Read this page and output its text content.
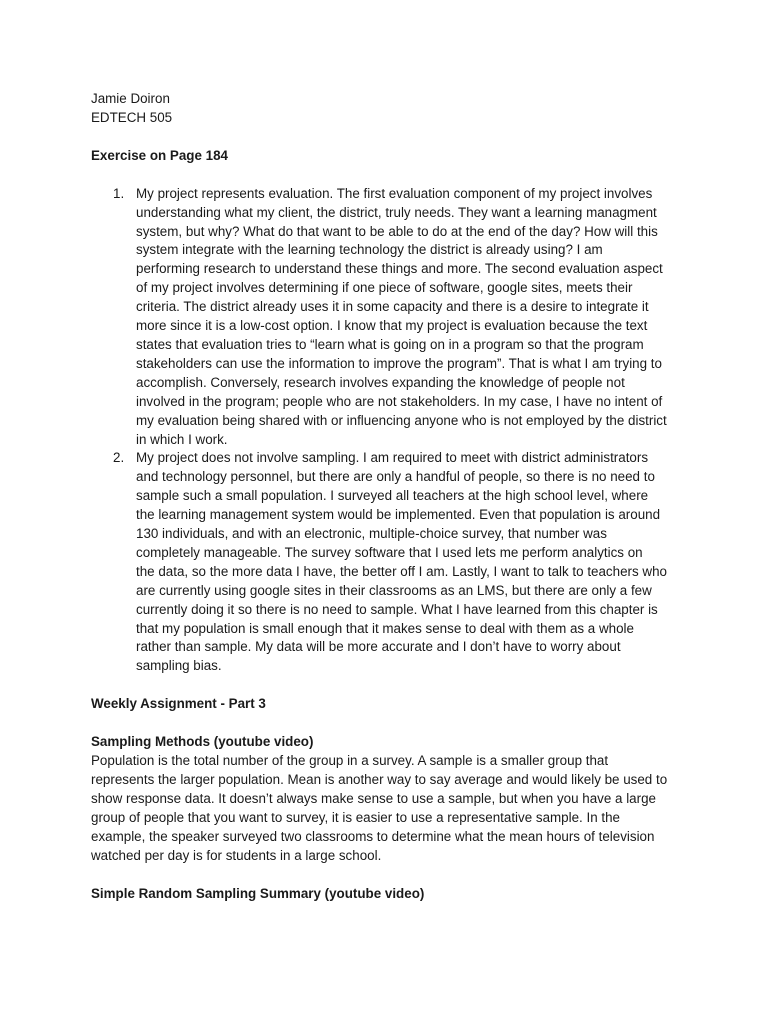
Jamie Doiron

EDTECH 505

Exercise on Page 184

1. My project represents evaluation. The first evaluation component of my project involves

understanding what my client, the district, truly needs. They want a learning managment

system, but why? What do that want to be able to do at the end of the day? How will this

system integrate with the learning technology the district is already using? I am

performing research to understand these things and more. The second evaluation aspect

of my project involves determining if one piece of software, google sites, meets their

criteria. The district already uses it in some capacity and there is a desire to integrate it

more since it is a low-cost option. I know that my project is evaluation because the text

states that evaluation tries to “learn what is going on in a program so that the program

stakeholders can use the information to improve the program”. That is what I am trying to

accomplish. Conversely, research involves expanding the knowledge of people not

involved in the program; people who are not stakeholders. In my case, I have no intent of

my evaluation being shared with or influencing anyone who is not employed by the district

in which I work.

2. My project does not involve sampling. I am required to meet with district administrators

and technology personnel, but there are only a handful of people, so there is no need to

sample such a small population. I surveyed all teachers at the high school level, where

the learning management system would be implemented. Even that population is around

130 individuals, and with an electronic, multiple-choice survey, that number was

completely manageable. The survey software that I used lets me perform analytics on

the data, so the more data I have, the better off I am. Lastly, I want to talk to teachers who

are currently using google sites in their classrooms as an LMS, but there are only a few

currently doing it so there is no need to sample. What I have learned from this chapter is

that my population is small enough that it makes sense to deal with them as a whole

rather than sample. My data will be more accurate and I don’t have to worry about

sampling bias.

Weekly Assignment - Part 3

Sampling Methods (youtube video)

Population is the total number of the group in a survey. A sample is a smaller group that

represents the larger population. Mean is another way to say average and would likely be used to

show response data. It doesn’t always make sense to use a sample, but when you have a large

group of people that you want to survey, it is easier to use a representative sample. In the

example, the speaker surveyed two classrooms to determine what the mean hours of television

watched per day is for students in a large school.

Simple Random Sampling Summary (youtube video)
